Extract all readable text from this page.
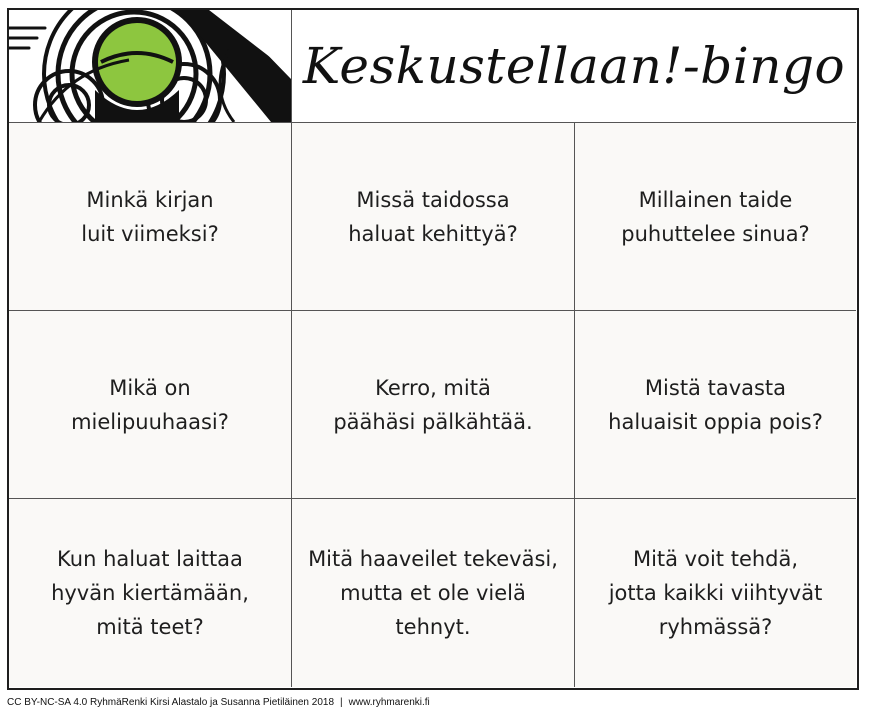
Keskustellaan!-bingo
Minkä kirjan
luit viimeksi?
Missä taidossa
haluat kehittyä?
Millainen taide
puhuttelee sinua?
Mikä on
mielipuuhaasi?
Kerro, mitä
päähäsi pälkähtää.
Mistä tavasta
haluaisit oppia pois?
Kun haluat laittaa
hyvän kiertämään,
mitä teet?
Mitä haaveilet tekeväsi,
mutta et ole vielä
tehnyt.
Mitä voit tehdä,
jotta kaikki viihtyvät
ryhmässä?
CC BY-NC-SA 4.0 RyhmäRenki Kirsi Alastalo ja Susanna Pietiläinen 2018 | www.ryhmarenki.fi
